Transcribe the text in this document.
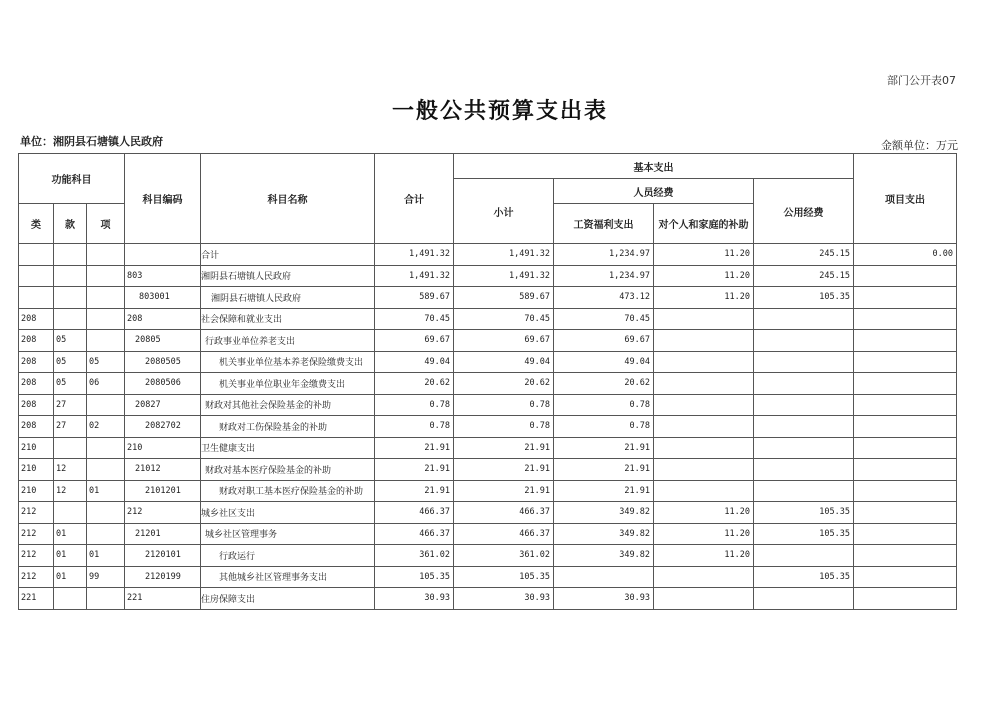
部门公开表07
一般公共预算支出表
单位：湘阴县石塘镇人民政府	金额单位：万元
功能科目			科目编码	科目名称	合计	基本支出				项目支出
						小计	人员经费		公用经费	
类	款	项					工资福利支出	对个人和家庭的补助		
				合计	1,491.32	1,491.32	1,234.97	11.20	245.15	0.00
			803	湘阴县石塘镇人民政府	1,491.32	1,491.32	1,234.97	11.20	245.15	
			803001	湘阴县石塘镇人民政府	589.67	589.67	473.12	11.20	105.35	
208			208	社会保障和就业支出	70.45	70.45	70.45			
208	05		20805	行政事业单位养老支出	69.67	69.67	69.67			
208	05	05	2080505	机关事业单位基本养老保险缴费支出	49.04	49.04	49.04			
208	05	06	2080506	机关事业单位职业年金缴费支出	20.62	20.62	20.62			
208	27		20827	财政对其他社会保险基金的补助	0.78	0.78	0.78			
208	27	02	2082702	财政对工伤保险基金的补助	0.78	0.78	0.78			
210			210	卫生健康支出	21.91	21.91	21.91			
210	12		21012	财政对基本医疗保险基金的补助	21.91	21.91	21.91			
210	12	01	2101201	财政对职工基本医疗保险基金的补助	21.91	21.91	21.91			
212			212	城乡社区支出	466.37	466.37	349.82	11.20	105.35	
212	01		21201	城乡社区管理事务	466.37	466.37	349.82	11.20	105.35	
212	01	01	2120101	行政运行	361.02	361.02	349.82	11.20		
212	01	99	2120199	其他城乡社区管理事务支出	105.35	105.35			105.35	
221			221	住房保障支出	30.93	30.93	30.93			
